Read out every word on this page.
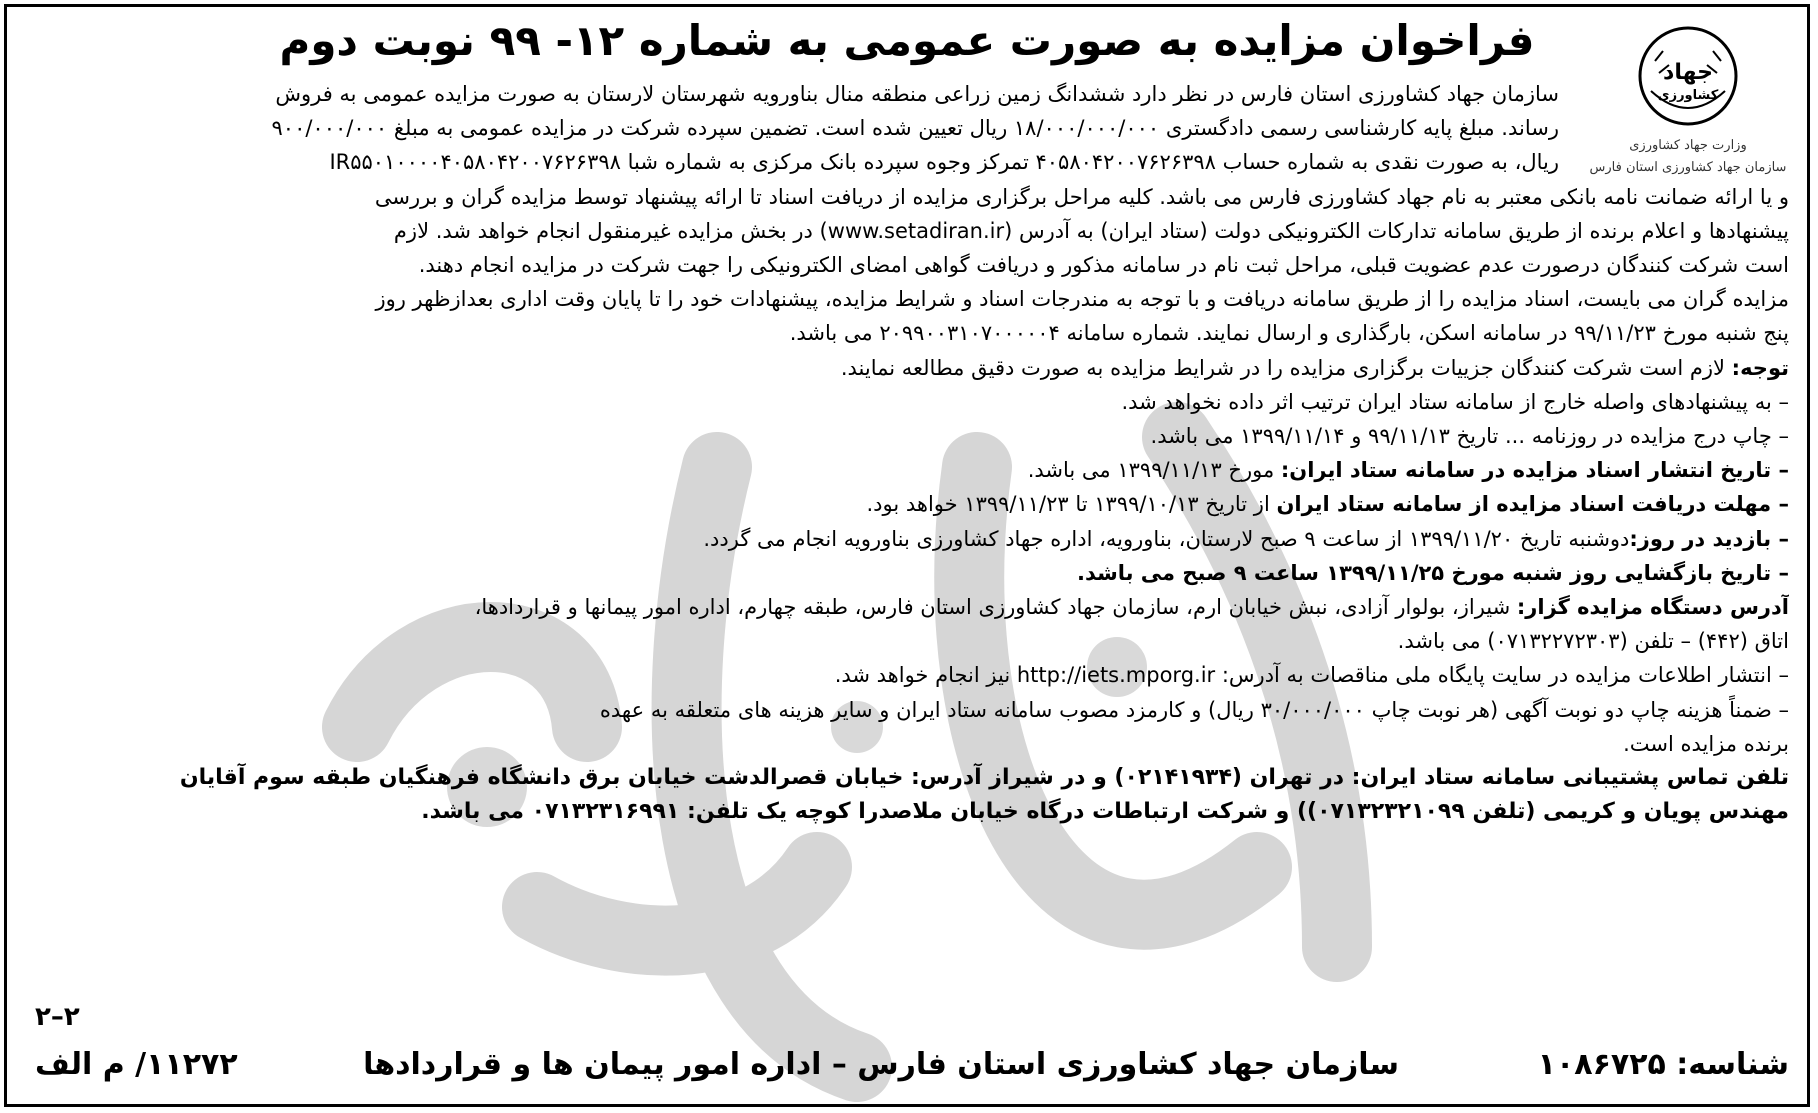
جهاد
کشاورزی
وزارت جهاد کشاورزی
سازمان جهاد کشاورزی استان فارس
فراخوان مزایده به صورت عمومی به شماره ۱۲- ۹۹ نوبت دوم

سازمان جهاد کشاورزی استان فارس در نظر دارد ششدانگ زمین زراعی منطقه منال بناورویه شهرستان لارستان به صورت مزایده عمومی به فروش

رساند. مبلغ پایه کارشناسی رسمی دادگستری ۱۸/۰۰۰/۰۰۰/۰۰۰ ریال تعیین شده است. تضمین سپرده شرکت در مزایده عمومی به مبلغ ۹۰۰/۰۰۰/۰۰۰

ریال، به صورت نقدی به شماره حساب ۴۰۵۸۰۴۲۰۰۷۶۲۶۳۹۸ تمرکز وجوه سپرده بانک مرکزی به شماره شبا IR۵۵۰۱۰۰۰۰۴۰۵۸۰۴۲۰۰۷۶۲۶۳۹۸

و یا ارائه ضمانت نامه بانکی معتبر به نام جهاد کشاورزی فارس می باشد. کلیه مراحل برگزاری مزایده از دریافت اسناد تا ارائه پیشنهاد توسط مزایده گران و بررسی

پیشنهادها و اعلام برنده از طریق سامانه تدارکات الکترونیکی دولت (ستاد ایران) به آدرس (www.setadiran.ir) در بخش مزایده غیرمنقول انجام خواهد شد. لازم

است شرکت کنندگان درصورت عدم عضویت قبلی، مراحل ثبت نام در سامانه مذکور و دریافت گواهی امضای الکترونیکی را جهت شرکت در مزایده انجام دهند.

مزایده گران می بایست، اسناد مزایده را از طریق سامانه دریافت و با توجه به مندرجات اسناد و شرایط مزایده، پیشنهادات خود را تا پایان وقت اداری بعدازظهر روز

پنج شنبه مورخ ۹۹/۱۱/۲۳ در سامانه اسکن، بارگذاری و ارسال نمایند. شماره سامانه ۲۰۹۹۰۰۳۱۰۷۰۰۰۰۰۴ می باشد.

توجه: لازم است شرکت کنندگان جزییات برگزاری مزایده را در شرایط مزایده به صورت دقیق مطالعه نمایند.

– به پیشنهادهای واصله خارج از سامانه ستاد ایران ترتیب اثر داده نخواهد شد.

– چاپ درج مزایده در روزنامه ... تاریخ ۹۹/۱۱/۱۳ و ۱۳۹۹/۱۱/۱۴ می باشد.

– تاریخ انتشار اسناد مزایده در سامانه ستاد ایران: مورخ ۱۳۹۹/۱۱/۱۳ می باشد.

– مهلت دریافت اسناد مزایده از سامانه ستاد ایران از تاریخ ۱۳۹۹/۱۰/۱۳ تا ۱۳۹۹/۱۱/۲۳ خواهد بود.

– بازدید در روز:دوشنبه تاریخ ۱۳۹۹/۱۱/۲۰ از ساعت ۹ صبح لارستان، بناورویه، اداره جهاد کشاورزی بناورویه انجام می گردد.

– تاریخ بازگشایی روز شنبه مورخ ۱۳۹۹/۱۱/۲۵ ساعت ۹ صبح می باشد.

آدرس دستگاه مزایده گزار: شیراز، بولوار آزادی، نبش خیابان ارم، سازمان جهاد کشاورزی استان فارس، طبقه چهارم، اداره امور پیمانها و قراردادها،

اتاق (۴۴۲) – تلفن (۰۷۱۳۲۲۷۲۳۰۳) می باشد.

– انتشار اطلاعات مزایده در سایت پایگاه ملی مناقصات به آدرس: http://iets.mporg.ir نیز انجام خواهد شد.

– ضمناً هزینه چاپ دو نوبت آگهی (هر نوبت چاپ ۳۰/۰۰۰/۰۰۰ ریال) و کارمزد مصوب سامانه ستاد ایران و سایر هزینه های متعلقه به عهده

برنده مزایده است.

تلفن تماس پشتیبانی سامانه ستاد ایران: در تهران (۰۲۱۴۱۹۳۴) و در شیراز آدرس: خیابان قصرالدشت خیابان برق دانشگاه فرهنگیان طبقه سوم آقایان

مهندس پویان و کریمی (تلفن ۰۷۱۳۲۳۲۱۰۹۹)) و شرکت ارتباطات درگاه خیابان ملاصدرا کوچه یک تلفن: ۰۷۱۳۲۳۱۶۹۹۱ می باشد.

۲–۲
شناسه: ۱۰۸۶۷۲۵
سازمان جهاد کشاورزی استان فارس – اداره امور پیمان ها و قراردادها
۱۱۲۷۲/ م الف
